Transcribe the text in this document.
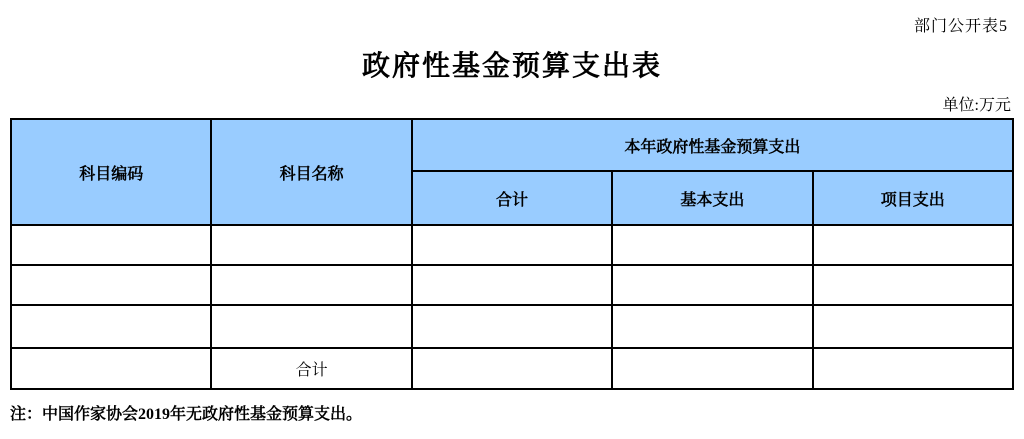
部门公开表5
政府性基金预算支出表
单位:万元
科目编码	科目名称	本年政府性基金预算支出		
		合计	基本支出	项目支出

	合计			
注：中国作家协会2019年无政府性基金预算支出。
